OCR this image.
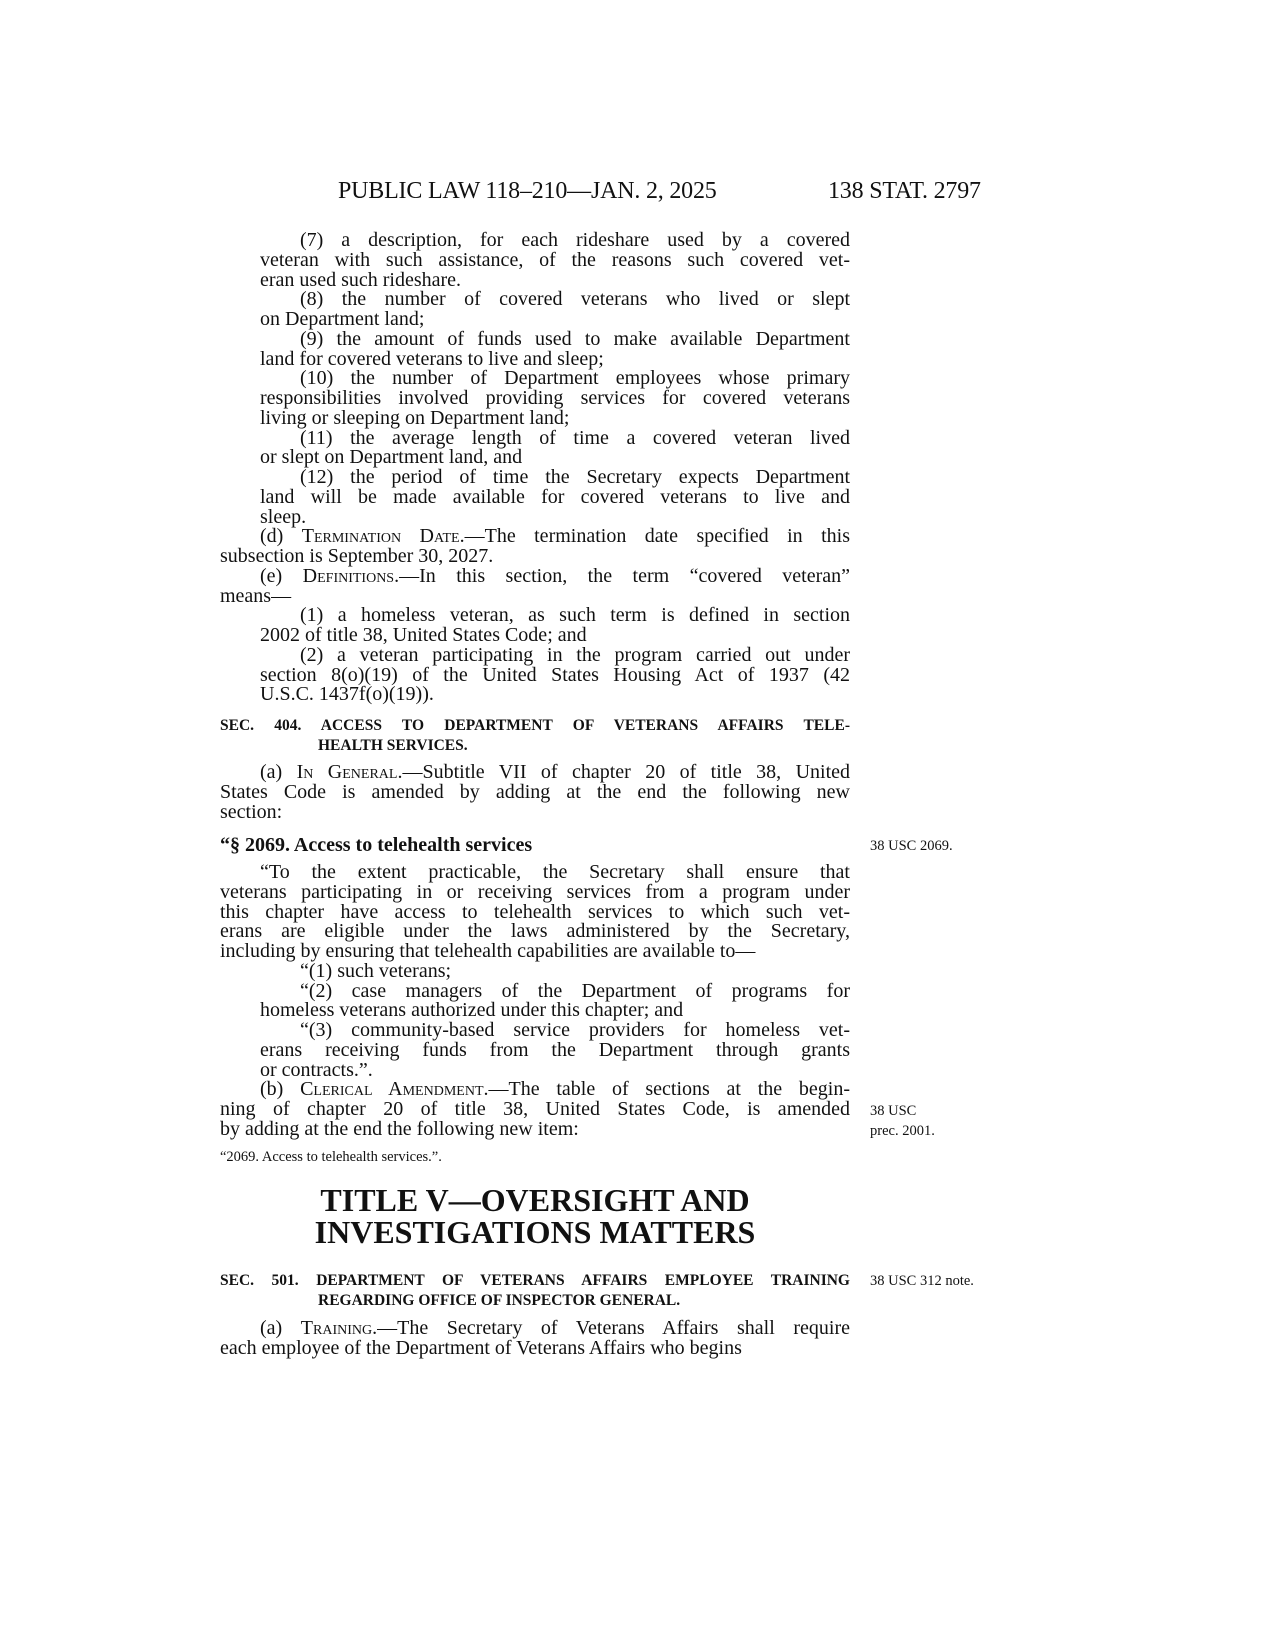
PUBLIC LAW 118–210—JAN. 2, 2025	138 STAT. 2797
(7) a description, for each rideshare used by a covered
veteran with such assistance, of the reasons such covered vet-
eran used such rideshare.
(8) the number of covered veterans who lived or slept
on Department land;
(9) the amount of funds used to make available Department
land for covered veterans to live and sleep;
(10) the number of Department employees whose primary
responsibilities involved providing services for covered veterans
living or sleeping on Department land;
(11) the average length of time a covered veteran lived
or slept on Department land, and
(12) the period of time the Secretary expects Department
land will be made available for covered veterans to live and
sleep.
(d) Termination Date.—The termination date specified in this
subsection is September 30, 2027.
(e) Definitions.—In this section, the term “covered veteran”
means—
(1) a homeless veteran, as such term is defined in section
2002 of title 38, United States Code; and
(2) a veteran participating in the program carried out under
section 8(o)(19) of the United States Housing Act of 1937 (42
U.S.C. 1437f(o)(19)).
SEC. 404. ACCESS TO DEPARTMENT OF VETERANS AFFAIRS TELE-
HEALTH SERVICES.
(a) In General.—Subtitle VII of chapter 20 of title 38, United
States Code is amended by adding at the end the following new
section:
“§ 2069. Access to telehealth services
“To the extent practicable, the Secretary shall ensure that
veterans participating in or receiving services from a program under
this chapter have access to telehealth services to which such vet-
erans are eligible under the laws administered by the Secretary,
including by ensuring that telehealth capabilities are available to—
“(1) such veterans;
“(2) case managers of the Department of programs for
homeless veterans authorized under this chapter; and
“(3) community-based service providers for homeless vet-
erans receiving funds from the Department through grants
or contracts.”.
(b) Clerical Amendment.—The table of sections at the begin-
ning of chapter 20 of title 38, United States Code, is amended
by adding at the end the following new item:
“2069. Access to telehealth services.”.
TITLE V—OVERSIGHT AND
INVESTIGATIONS MATTERS
SEC. 501. DEPARTMENT OF VETERANS AFFAIRS EMPLOYEE TRAINING
REGARDING OFFICE OF INSPECTOR GENERAL.
(a) Training.—The Secretary of Veterans Affairs shall require
each employee of the Department of Veterans Affairs who begins
38 USC 2069.
38 USC
prec. 2001.
38 USC 312 note.
